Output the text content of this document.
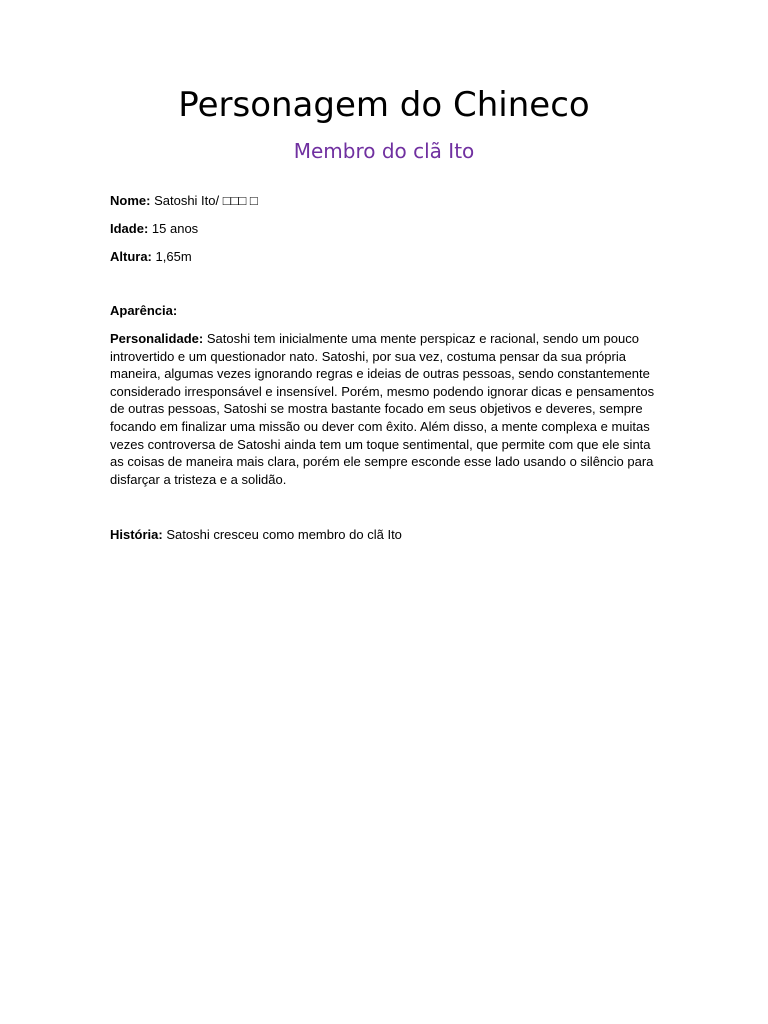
Personagem do Chineco
Membro do clã Ito

Nome: Satoshi Ito/ □□□ □

Idade: 15 anos

Altura: 1,65m

Aparência:

Personalidade: Satoshi tem inicialmente uma mente perspicaz e racional, sendo um pouco introvertido e um questionador nato. Satoshi, por sua vez, costuma pensar da sua própria maneira, algumas vezes ignorando regras e ideias de outras pessoas, sendo constantemente considerado irresponsável e insensível. Porém, mesmo podendo ignorar dicas e pensamentos de outras pessoas, Satoshi se mostra bastante focado em seus objetivos e deveres, sempre focando em finalizar uma missão ou dever com êxito. Além disso, a mente complexa e muitas vezes controversa de Satoshi ainda tem um toque sentimental, que permite com que ele sinta as coisas de maneira mais clara, porém ele sempre esconde esse lado usando o silêncio para disfarçar a tristeza e a solidão.

História: Satoshi cresceu como membro do clã Ito
